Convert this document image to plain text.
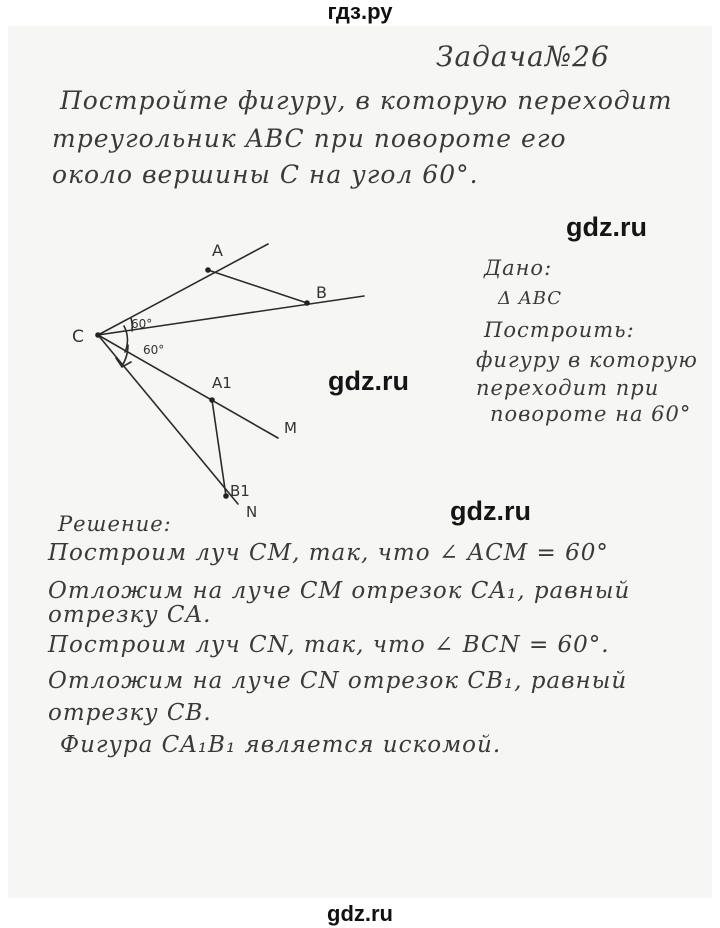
гдз.ру
Задача№26
Постройте фигуру, в которую переходит
треугольник ABC при повороте его
около вершины C на угол 60°.
gdz.ru
Дано:
Δ ABC
Построить:
фигуру в которую
переходит при
повороте на 60°
A
B
C
A1
M
B1
N
60°
60°
gdz.ru
gdz.ru
Решение:
Построим луч CM, так, что ∠ ACM = 60°
Отложим на луче CM отрезок CA₁, равный
отрезку CA.
Построим луч CN, так, что ∠ BCN = 60°.
Отложим на луче CN отрезок CB₁, равный
отрезку CB.
Фигура CA₁B₁ является искомой.
gdz.ru
